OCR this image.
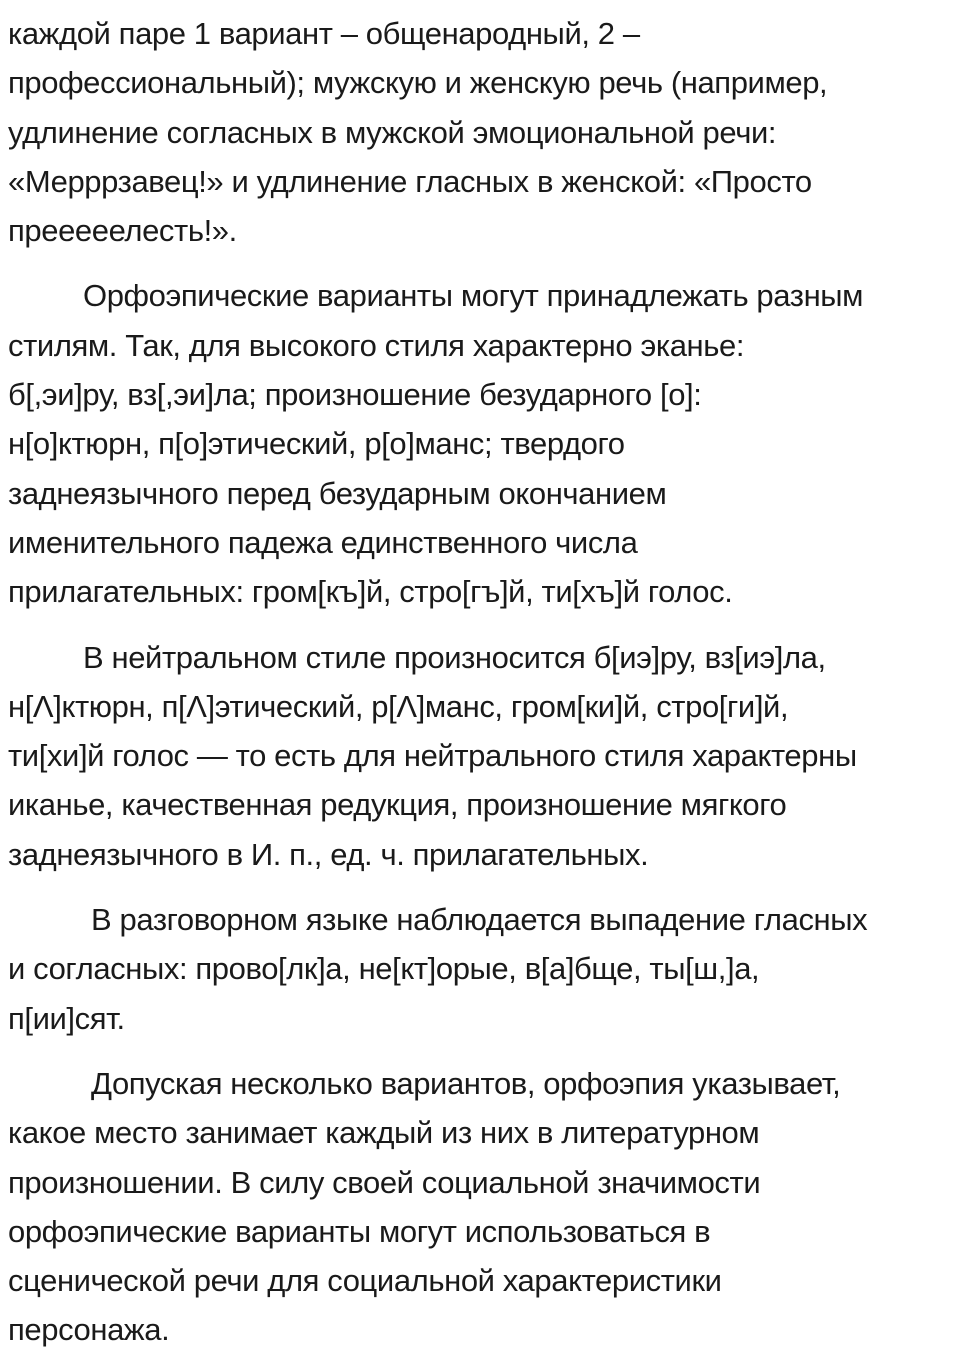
каждой паре 1 вариант – общенародный, 2 –
профессиональный); мужскую и женскую речь (например,
удлинение согласных в мужской эмоциональной речи:
«Мерррзавец!» и удлинение гласных в женской: «Просто
прееееелесть!».
Орфоэпические варианты могут принадлежать разным
стилям. Так, для высокого стиля характерно эканье:
б[,эи]ру, вз[,эи]ла; произношение безударного [о]:
н[о]ктюрн, п[о]этический, р[о]манс; твердого
заднеязычного перед безударным окончанием
именительного падежа единственного числа
прилагательных: гром[къ]й, стро[гъ]й, ти[хъ]й голос.
В нейтральном стиле произносится б[иэ]ру, вз[иэ]ла,
н[Λ]ктюрн, п[Λ]этический, р[Λ]манс, гром[ки]й, стро[ги]й,
ти[хи]й голос — то есть для нейтрального стиля характерны
иканье, качественная редукция, произношение мягкого
заднеязычного в И. п., ед. ч. прилагательных.
В разговорном языке наблюдается выпадение гласных
и согласных: прово[лк]а, не[кт]орые, в[а]бще, ты[ш,]а,
п[ии]сят.
Допуская несколько вариантов, орфоэпия указывает,
какое место занимает каждый из них в литературном
произношении. В силу своей социальной значимости
орфоэпические варианты могут использоваться в
сценической речи для социальной характеристики
персонажа.
